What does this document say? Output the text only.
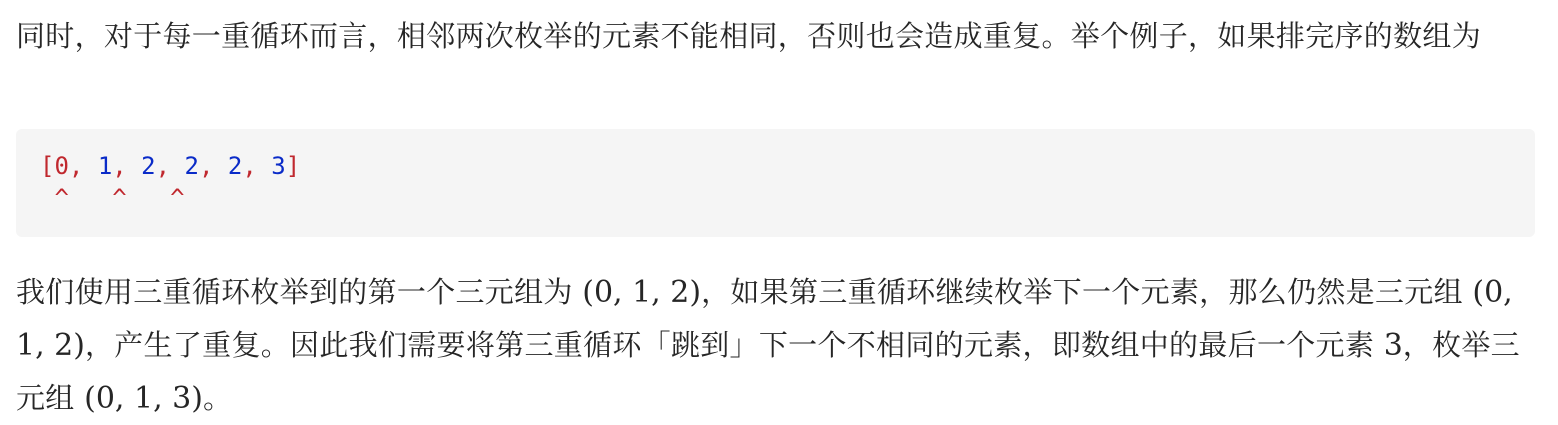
同时，对于每一重循环而言，相邻两次枚举的元素不能相同，否则也会造成重复。举个例子，如果排完序的数组为

[0, 1, 2, 2, 2, 3]
^ ^ ^

我们使用三重循环枚举到的第一个三元组为 (0, 1, 2)，如果第三重循环继续枚举下一个元素，那么仍然是三元组 (0, 1, 2)，产生了重复。因此我们需要将第三重循环「跳到」下一个不相同的元素，即数组中的最后一个元素 3，枚举三元组 (0, 1, 3)。
